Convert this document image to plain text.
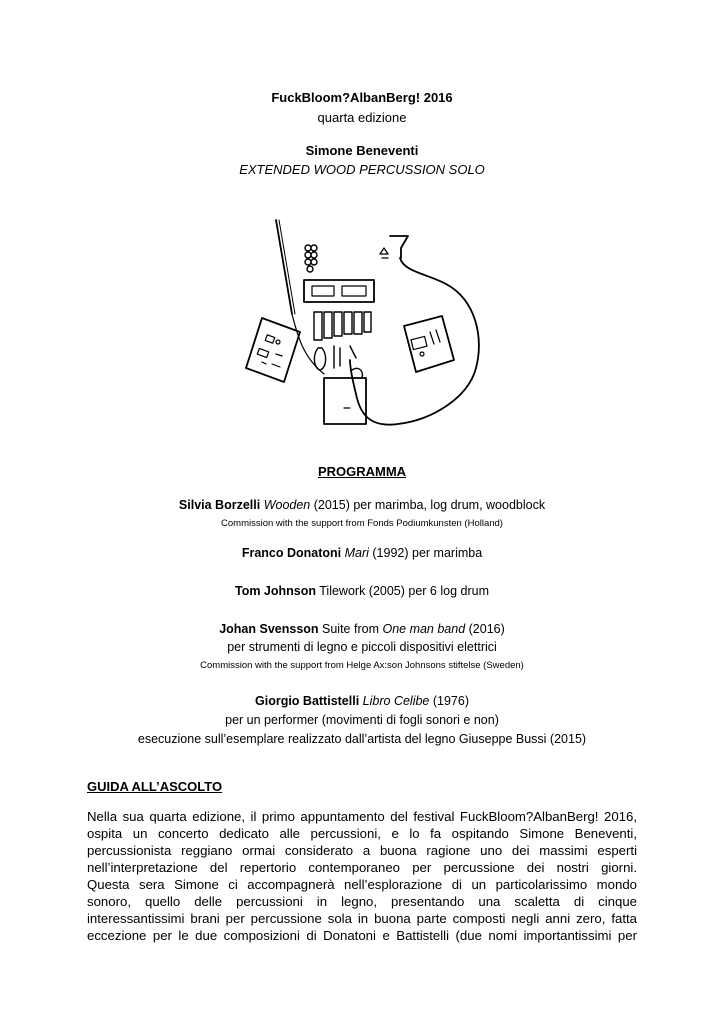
FuckBloom?AlbanBerg! 2016
quarta edizione
Simone Beneventi
EXTENDED WOOD PERCUSSION SOLO
PROGRAMMA
Silvia Borzelli Wooden (2015) per marimba, log drum, woodblock
Commission with the support from Fonds Podiumkunsten (Holland)
Franco Donatoni Mari (1992) per marimba
Tom Johnson Tilework (2005) per 6 log drum
Johan Svensson Suite from One man band (2016)
per strumenti di legno e piccoli dispositivi elettrici
Commission with the support from Helge Ax:son Johnsons stiftelse (Sweden)
Giorgio Battistelli Libro Celibe (1976)
per un performer (movimenti di fogli sonori e non)
esecuzione sull’esemplare realizzato dall’artista del legno Giuseppe Bussi (2015)
GUIDA ALL’ASCOLTO
Nella sua quarta edizione, il primo appuntamento del festival FuckBloom?AlbanBerg! 2016,
ospita un concerto dedicato alle percussioni, e lo fa ospitando Simone Beneventi,
percussionista reggiano ormai considerato a buona ragione uno dei massimi esperti
nell’interpretazione del repertorio contemporaneo per percussione dei nostri giorni.
Questa sera Simone ci accompagnerà nell’esplorazione di un particolarissimo mondo
sonoro, quello delle percussioni in legno, presentando una scaletta di cinque
interessantissimi brani per percussione sola in buona parte composti negli anni zero, fatta
eccezione per le due composizioni di Donatoni e Battistelli (due nomi importantissimi per
